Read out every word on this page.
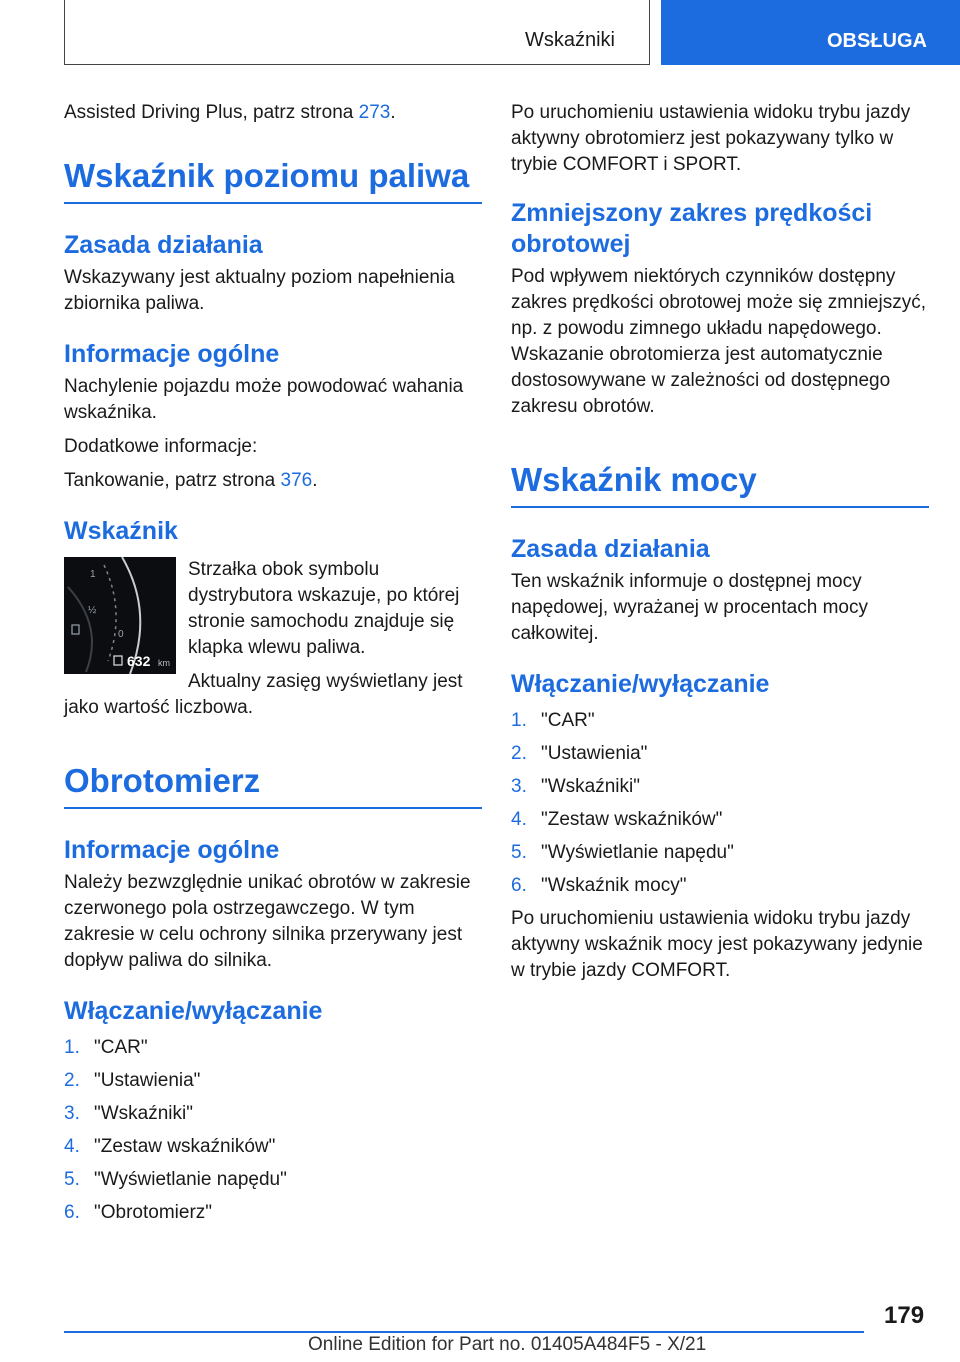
Wskaźniki	OBSŁUGA

Assisted Driving Plus, patrz strona 273.

Wskaźnik poziomu paliwa
Zasada działania

Wskazywany jest aktualny poziom napełnienia zbiornika paliwa.

Informacje ogólne

Nachylenie pojazdu może powodować wahania wskaźnika.

Dodatkowe informacje:

Tankowanie, patrz strona 376.

Wskaźnik
1
½
0
632 km

Strzałka obok symbolu dystrybutora wskazuje, po której stronie samochodu znajduje się klapka wlewu paliwa.

Aktualny zasięg wyświetlany jest jako wartość liczbowa.

Obrotomierz
Informacje ogólne

Należy bezwzględnie unikać obrotów w zakresie czerwonego pola ostrzegawczego. W tym zakresie w celu ochrony silnika przerywany jest dopływ paliwa do silnika.

Włączanie/wyłączanie
1. "CAR"
2. "Ustawienia"
3. "Wskaźniki"
4. "Zestaw wskaźników"
5. "Wyświetlanie napędu"
6. "Obrotomierz"

Po uruchomieniu ustawienia widoku trybu jazdy aktywny obrotomierz jest pokazywany tylko w trybie COMFORT i SPORT.

Zmniejszony zakres prędkości obrotowej

Pod wpływem niektórych czynników dostępny zakres prędkości obrotowej może się zmniejszyć, np. z powodu zimnego układu napędowego. Wskazanie obrotomierza jest automatycznie dostosowywane w zależności od dostępnego zakresu obrotów.

Wskaźnik mocy
Zasada działania

Ten wskaźnik informuje o dostępnej mocy napędowej, wyrażanej w procentach mocy całkowitej.

Włączanie/wyłączanie
1. "CAR"
2. "Ustawienia"
3. "Wskaźniki"
4. "Zestaw wskaźników"
5. "Wyświetlanie napędu"
6. "Wskaźnik mocy"

Po uruchomieniu ustawienia widoku trybu jazdy aktywny wskaźnik mocy jest pokazywany jedynie w trybie jazdy COMFORT.

179
Online Edition for Part no. 01405A484F5 - X/21
